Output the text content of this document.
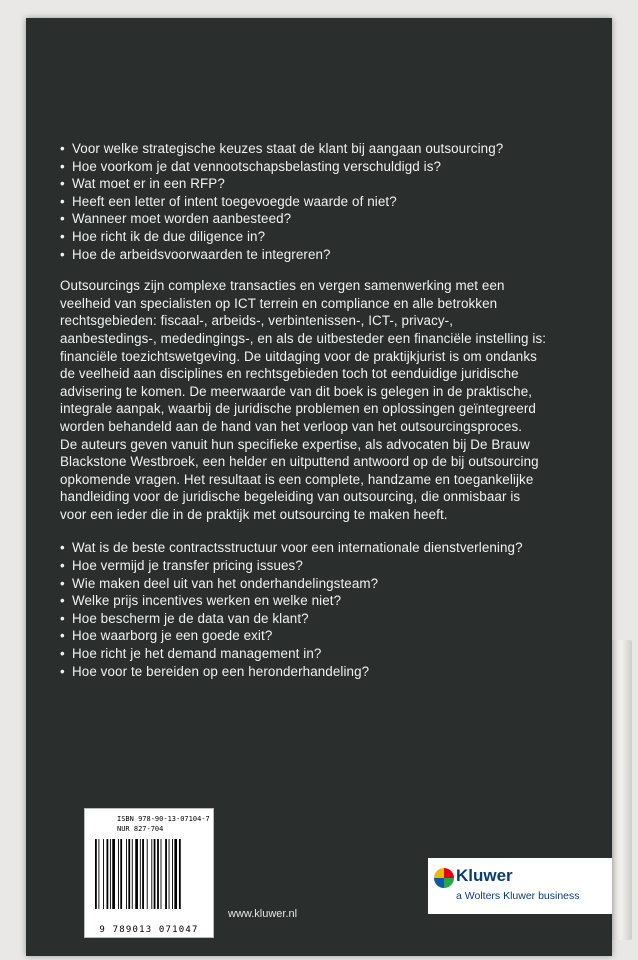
• Voor welke strategische keuzes staat de klant bij aangaan outsourcing?
• Hoe voorkom je dat vennootschapsbelasting verschuldigd is?
• Wat moet er in een RFP?
• Heeft een letter of intent toegevoegde waarde of niet?
• Wanneer moet worden aanbesteed?
• Hoe richt ik de due diligence in?
• Hoe de arbeidsvoorwaarden te integreren?

Outsourcings zijn complexe transacties en vergen samenwerking met een veelheid van specialisten op ICT terrein en compliance en alle betrokken rechtsgebieden: fiscaal-, arbeids-, verbintenissen-, ICT-, privacy-, aanbestedings-, mededingings-, en als de uitbesteder een financiële instelling is: financiële toezichtswetgeving. De uitdaging voor de praktijkjurist is om ondanks de veelheid aan disciplines en rechtsgebieden toch tot eenduidige juridische advisering te komen. De meerwaarde van dit boek is gelegen in de praktische, integrale aanpak, waarbij de juridische problemen en oplossingen geïntegreerd worden behandeld aan de hand van het verloop van het outsourcingsproces.

De auteurs geven vanuit hun specifieke expertise, als advocaten bij De Brauw Blackstone Westbroek, een helder en uitputtend antwoord op de bij outsourcing opkomende vragen. Het resultaat is een complete, handzame en toegankelijke handleiding voor de juridische begeleiding van outsourcing, die onmisbaar is voor een ieder die in de praktijk met outsourcing te maken heeft.

• Wat is de beste contractsstructuur voor een internationale dienstverlening?
• Hoe vermijd je transfer pricing issues?
• Wie maken deel uit van het onderhandelingsteam?
• Welke prijs incentives werken en welke niet?
• Hoe bescherm je de data van de klant?
• Hoe waarborg je een goede exit?
• Hoe richt je het demand management in?
• Hoe voor te bereiden op een heronderhandeling?
ISBN 978-90-13-07104-7
NUR 827-704
9 789013 071047
www.kluwer.nl
Kluwer
a Wolters Kluwer business
